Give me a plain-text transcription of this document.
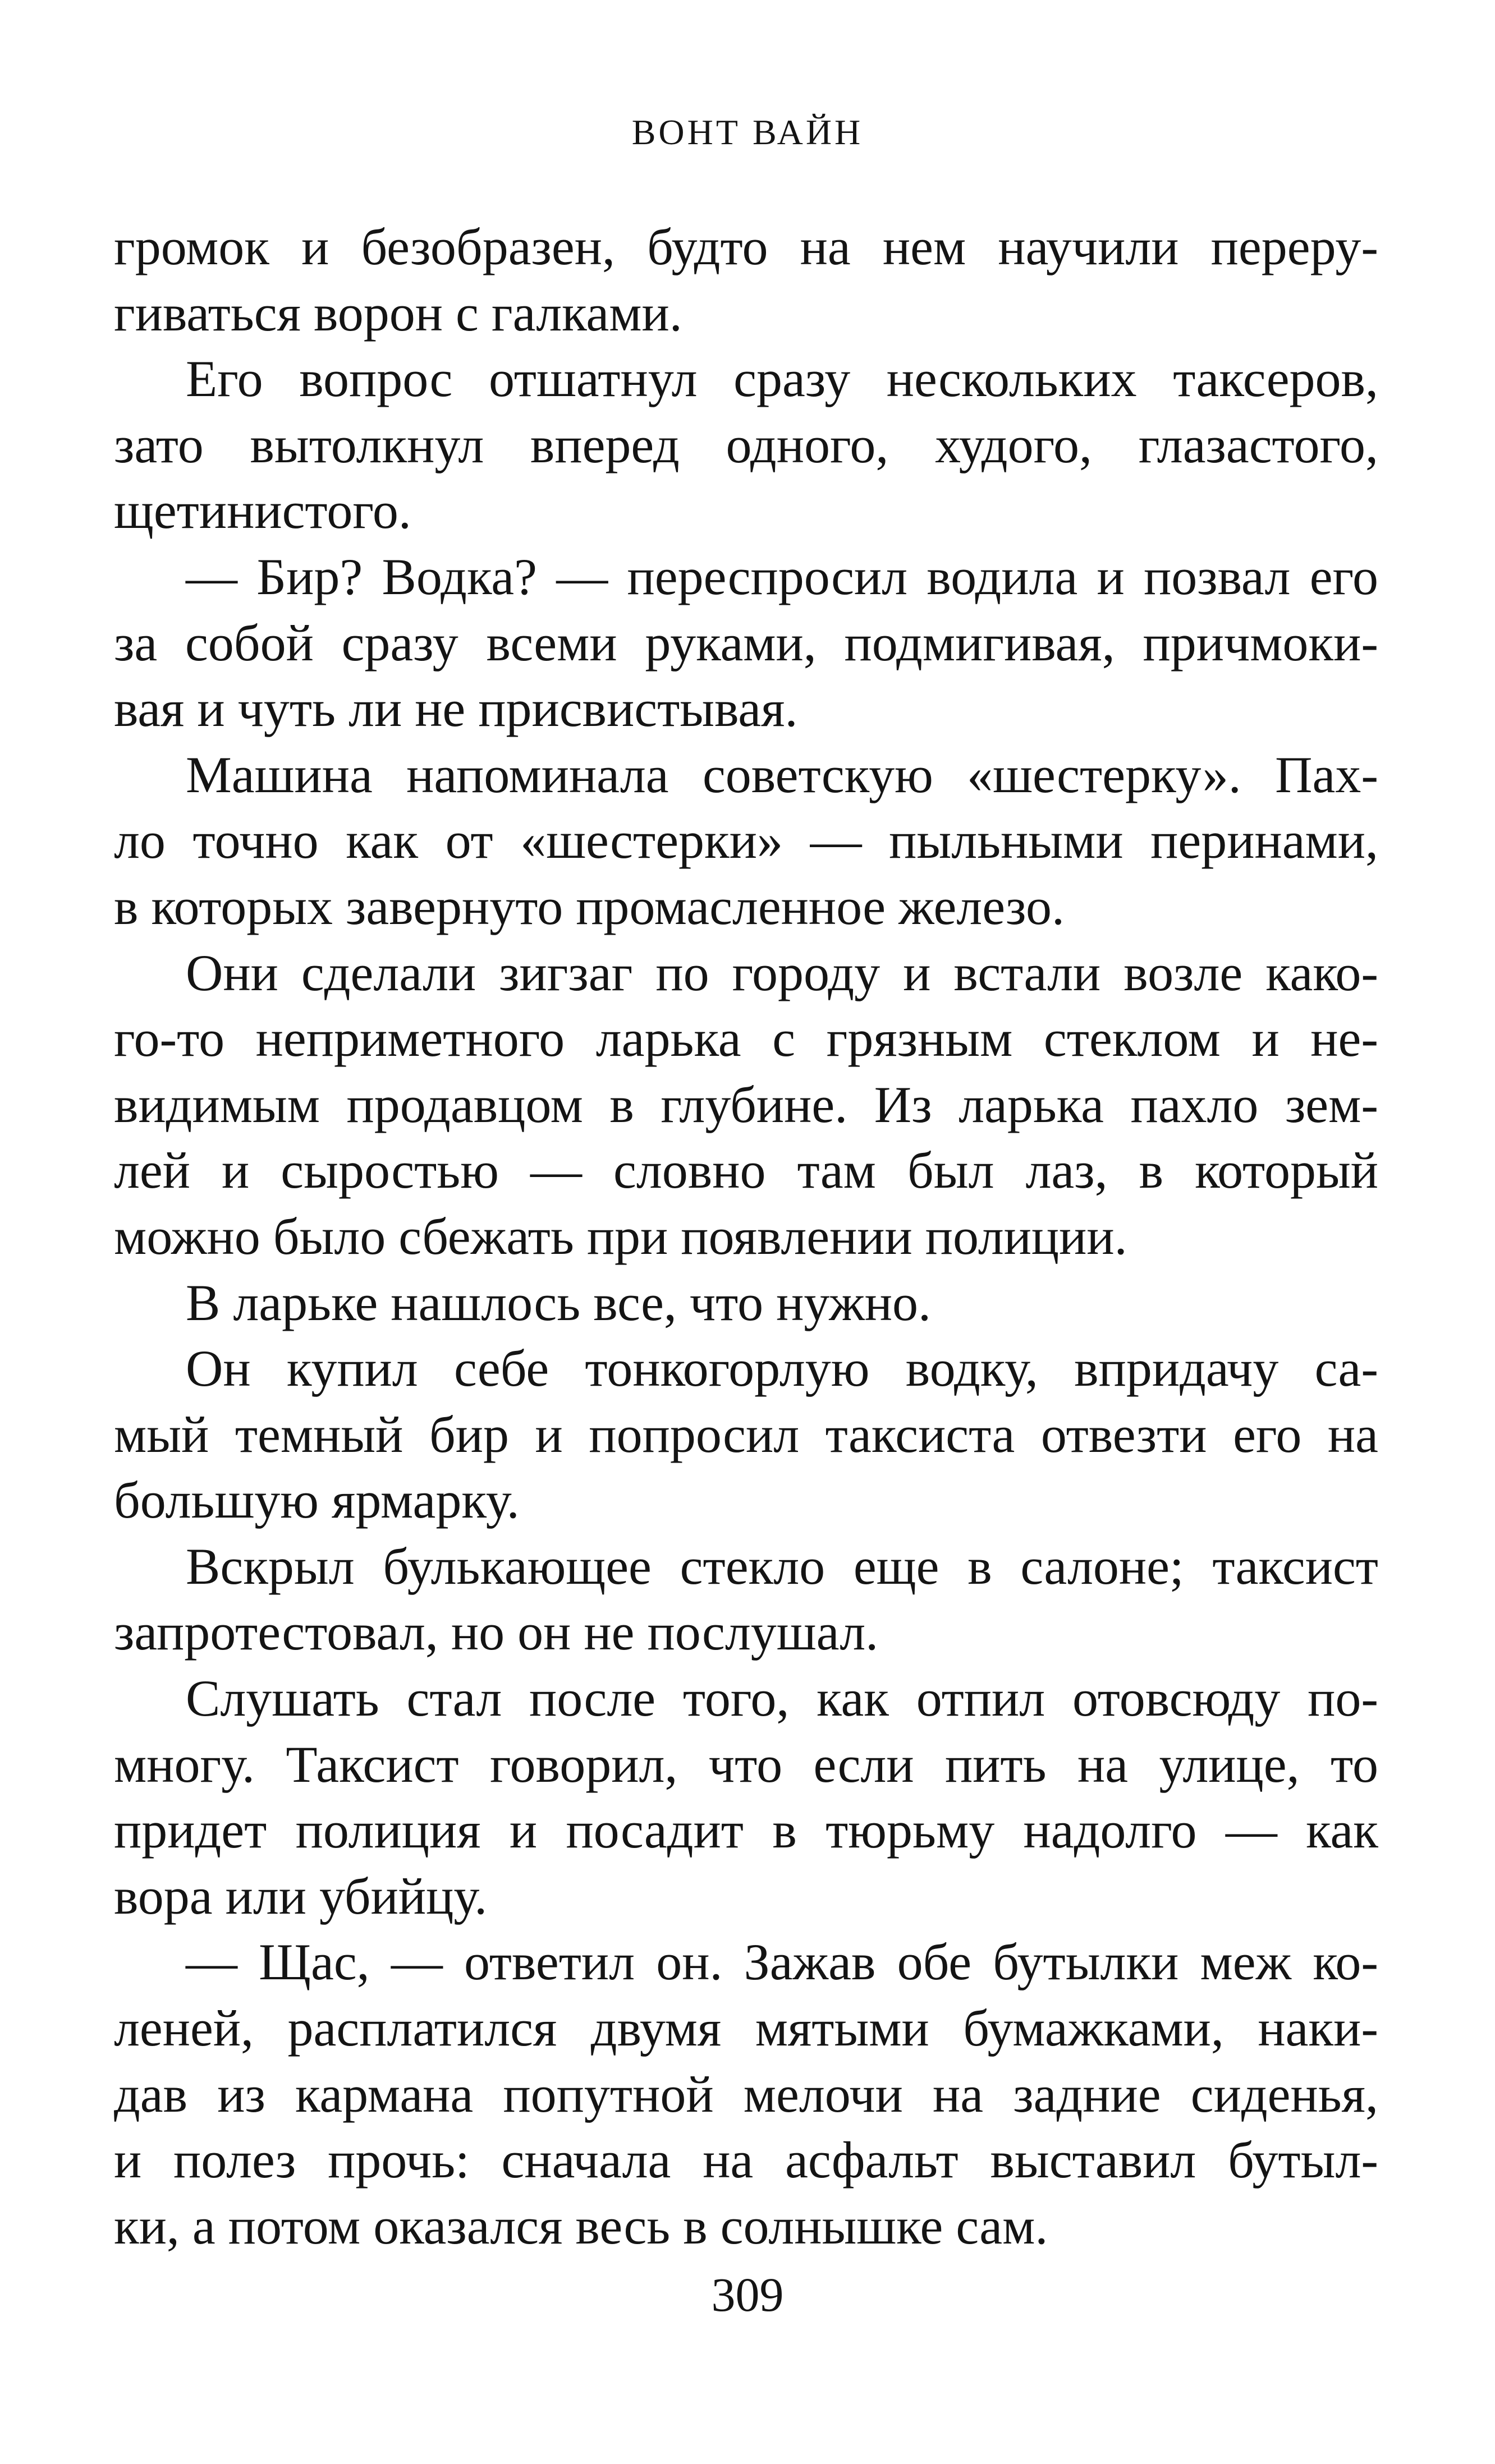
ВОНТ ВАЙН
громок и безобразен, будто на нем научили переру-
гиваться ворон с галками.
Его вопрос отшатнул сразу нескольких таксеров,
зато вытолкнул вперед одного, худого, глазастого,
щетинистого.
— Бир? Водка? — переспросил водила и позвал его
за собой сразу всеми руками, подмигивая, причмоки-
вая и чуть ли не присвистывая.
Машина напоминала советскую «шестерку». Пах-
ло точно как от «шестерки» — пыльными перинами,
в которых завернуто промасленное железо.
Они сделали зигзаг по городу и встали возле како-
го-то неприметного ларька с грязным стеклом и не-
видимым продавцом в глубине. Из ларька пахло зем-
лей и сыростью — словно там был лаз, в который
можно было сбежать при появлении полиции.
В ларьке нашлось все, что нужно.
Он купил себе тонкогорлую водку, впридачу са-
мый темный бир и попросил таксиста отвезти его на
большую ярмарку.
Вскрыл булькающее стекло еще в салоне; таксист
запротестовал, но он не послушал.
Слушать стал после того, как отпил отовсюду по-
многу. Таксист говорил, что если пить на улице, то
придет полиция и посадит в тюрьму надолго — как
вора или убийцу.
— Щас, — ответил он. Зажав обе бутылки меж ко-
леней, расплатился двумя мятыми бумажками, наки-
дав из кармана попутной мелочи на задние сиденья,
и полез прочь: сначала на асфальт выставил бутыл-
ки, а потом оказался весь в солнышке сам.
309
